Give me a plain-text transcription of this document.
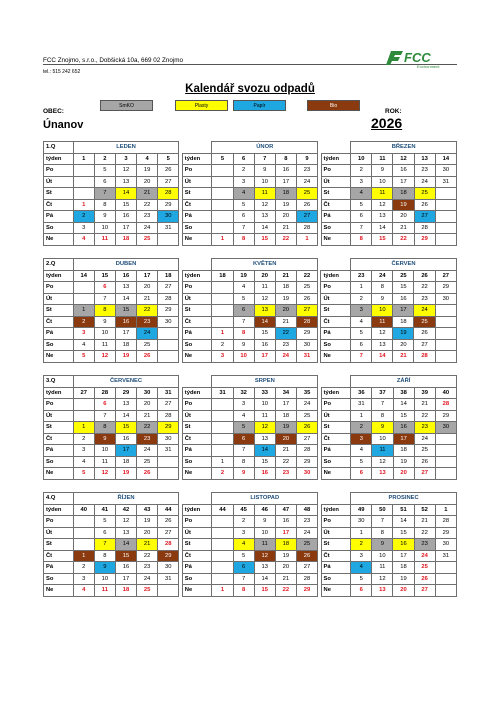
FCC Znojmo, s.r.o., Dobšická 10a, 669 02 Znojmo
tel.: 515 242 652
FCC
Environment
Kalendář svozu odpadů
OBEC:
SmKO	Plasty	Papír	Bio
ROK:
Únanov	2026
1.Q	LEDEN							ÚNOR							BŘEZEN				
týden	1	2	3	4	5		týden	5	6	7	8	9		týden	10	11	12	13	14
Po		5	12	19	26		Po		2	9	16	23		Po	2	9	16	23	30
Út		6	13	20	27		Út		3	10	17	24		Út	3	10	17	24	31
St		7	14	21	28		St		4	11	18	25		St	4	11	18	25	
Čt	1	8	15	22	29		Čt		5	12	19	26		Čt	5	12	19	26	
Pá	2	9	16	23	30		Pá		6	13	20	27		Pá	6	13	20	27	
So	3	10	17	24	31		So		7	14	21	28		So	7	14	21	28	
Ne	4	11	18	25			Ne	1	8	15	22	1		Ne	8	15	22	29	
2.Q	DUBEN							KVĚTEN							ČERVEN				
týden	14	15	16	17	18		týden	18	19	20	21	22		týden	23	24	25	26	27
Po		6	13	20	27		Po		4	11	18	25		Po	1	8	15	22	29
Út		7	14	21	28		Út		5	12	19	26		Út	2	9	16	23	30
St	1	8	15	22	29		St		6	13	20	27		St	3	10	17	24	
Čt	2	9	16	23	30		Čt		7	14	21	28		Čt	4	11	18	25	
Pá	3	10	17	24			Pá	1	8	15	22	29		Pá	5	12	19	26	
So	4	11	18	25			So	2	9	16	23	30		So	6	13	20	27	
Ne	5	12	19	26			Ne	3	10	17	24	31		Ne	7	14	21	28	
3.Q	ČERVENEC							SRPEN							ZÁŘÍ				
týden	27	28	29	30	31		týden	31	32	33	34	35		týden	36	37	38	39	40
Po		6	13	20	27		Po		3	10	17	24		Po	31	7	14	21	28
Út		7	14	21	28		Út		4	11	18	25		Út	1	8	15	22	29
St	1	8	15	22	29		St		5	12	19	26		St	2	9	16	23	30
Čt	2	9	16	23	30		Čt		6	13	20	27		Čt	3	10	17	24	
Pá	3	10	17	24	31		Pá		7	14	21	28		Pá	4	11	18	25	
So	4	11	18	25			So	1	8	15	22	29		So	5	12	19	26	
Ne	5	12	19	26			Ne	2	9	16	23	30		Ne	6	13	20	27	
4.Q	ŘÍJEN							LISTOPAD							PROSINEC				
týden	40	41	42	43	44		týden	44	45	46	47	48		týden	49	50	51	52	1
Po		5	12	19	26		Po		2	9	16	23		Po	30	7	14	21	28
Út		6	13	20	27		Út		3	10	17	24		Út	1	8	15	22	29
St		7	14	21	28		St		4	11	18	25		St	2	9	16	23	30
Čt	1	8	15	22	29		Čt		5	12	19	26		Čt	3	10	17	24	31
Pá	2	9	16	23	30		Pá		6	13	20	27		Pá	4	11	18	25	
So	3	10	17	24	31		So		7	14	21	28		So	5	12	19	26	
Ne	4	11	18	25			Ne	1	8	15	22	29		Ne	6	13	20	27	
